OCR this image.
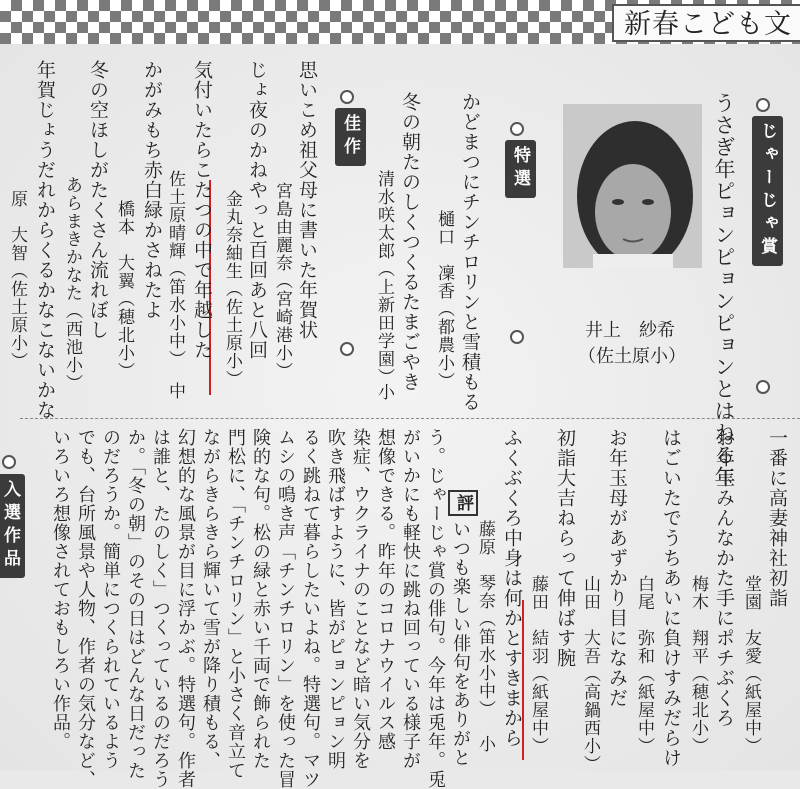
新春こども文
じゃーじゃ賞
うさぎ年ピョンピョンピョンとはねる年
井上　紗希
（佐土原小）
特選
かどまつにチンチロリンと雪積もる
樋口　凜香（都農小）
冬の朝たのしくつくるたまごやき
清水咲太郎（上新田学園）
小
佳作
思いこめ祖父母に書いた年賀状
宮島由麗奈（宮崎港小）
じょ夜のかねやっと百回あと八回
金丸奈紬生（佐土原小）
気付いたらこたつの中で年越した
佐土原晴輝（笛水小中）
中
かがみもち赤白緑かさねたよ
橋本　大翼（穂北小）
冬の空ほしがたくさん流れぼし
あらまきかなた（西池小）
年賀じょうだれからくるかなこないかな
原　大智（佐土原小）
入選作品	一番に高妻神社初詣
堂園　友愛（紙屋中）
お年玉みんなかた手にポチぶくろ
梅木　翔平（穂北小）
はごいたでうちあいに負けすみだらけ
白尾　弥和（紙屋中）
お年玉母があずかり目になみだ
山田　大吾（高鍋西小）
初詣大吉ねらって伸ばす腕
藤田　結羽（紙屋中）
ふくぶくろ中身は何かとすきまから
藤原　琴奈（笛水小中）
小
いつも楽しい俳句をありがと
う。じゃーじゃ賞の俳句。今年は兎年。兎
がいかにも軽快に跳ね回っている様子が
想像できる。昨年のコロナウイルス感
染症、ウクライナのことなど暗い気分を
吹き飛ばすように、皆がピョンピョン明
るく跳ねて暮らしたいよね。特選句。マツ
ムシの鳴き声「チンチロリン」を使った冒
険的な句。松の緑と赤い千両で飾られた
門松に、「チンチロリン」と小さく音立て
ながらきらきら輝いて雪が降り積もる、
幻想的な風景が目に浮かぶ。特選句。作者
は誰と、たのしく」つくっているのだろう
か。「冬の朝」のその日はどんな日だった
のだろうか。簡単につくられているよう
でも、台所風景や人物、作者の気分など、
いろいろ想像されておもしろい作品。	評
